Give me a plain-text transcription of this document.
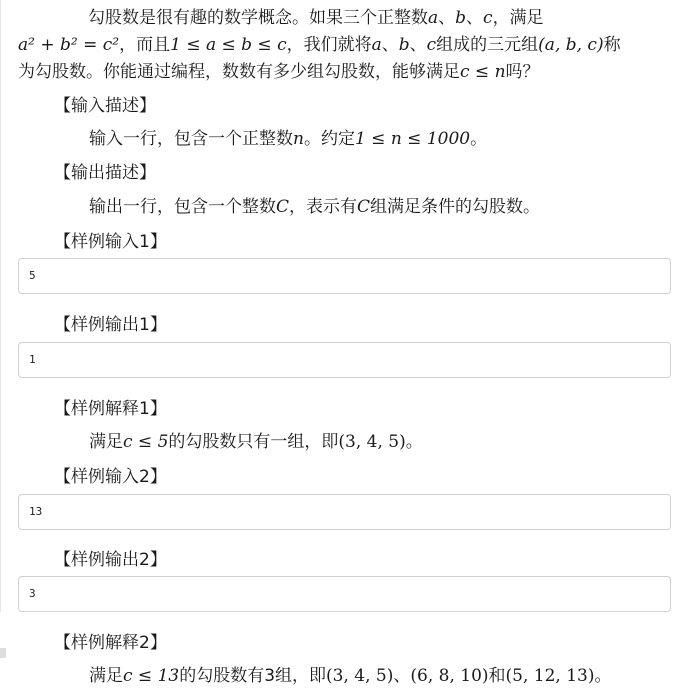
勾股数是很有趣的数学概念。如果三个正整数a、b、c，满足
a² + b² = c²，而且1 ≤ a ≤ b ≤ c，我们就将a、b、c组成的三元组(a, b, c)称
为勾股数。你能通过编程，数数有多少组勾股数，能够满足c ≤ n吗？
【输入描述】
输入一行，包含一个正整数n。约定1 ≤ n ≤ 1000。
【输出描述】
输出一行，包含一个整数C，表示有C组满足条件的勾股数。
【样例输入1】
5
【样例输出1】
1
【样例解释1】
满足c ≤ 5的勾股数只有一组，即(3, 4, 5)。
【样例输入2】
13
【样例输出2】
3
【样例解释2】
满足c ≤ 13的勾股数有3组，即(3, 4, 5)、(6, 8, 10)和(5, 12, 13)。
